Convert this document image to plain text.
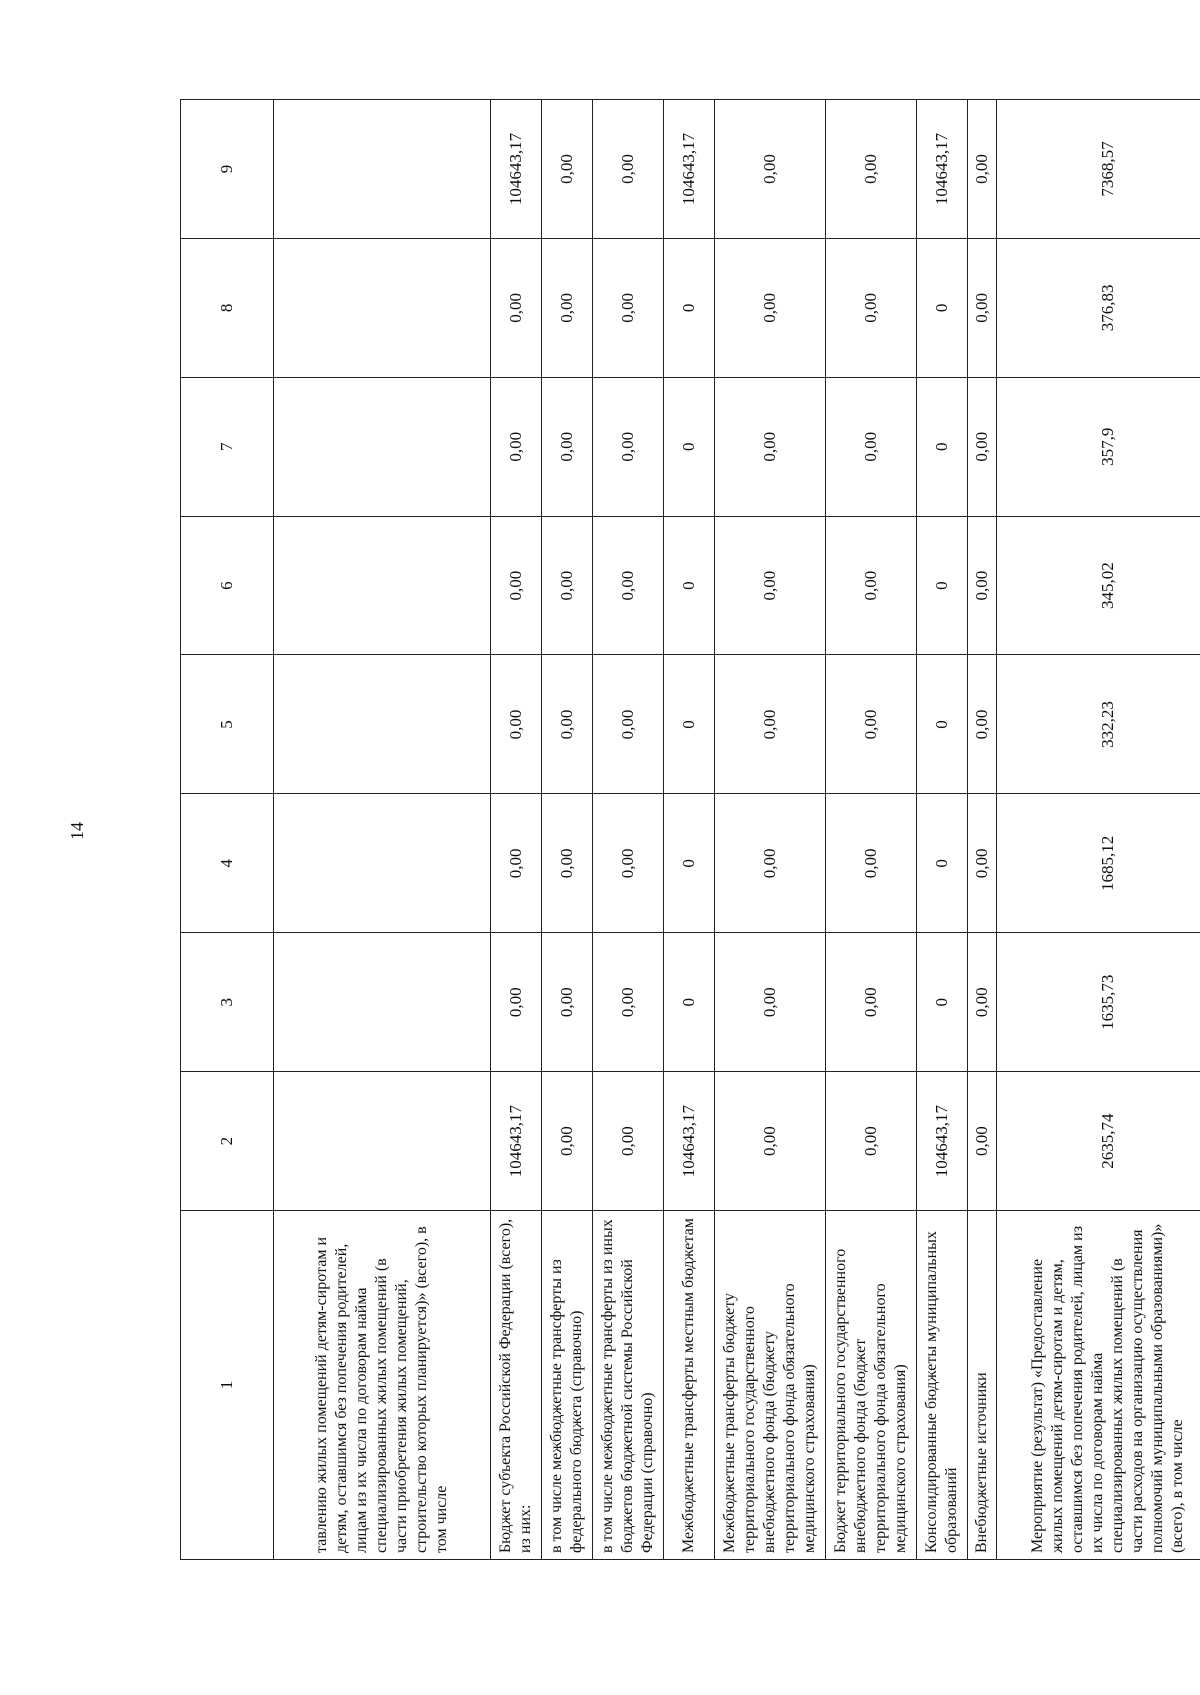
14
1	2	3	4	5	6	7	8	9
тавлению жилых помещений детям-сиротам и детям, оставшимся без попечения родителей, лицам из их числа по договорам найма специализированных жилых помещений (в части приобретения жилых помещений, строительство которых планируется)» (всего), в том числе								
Бюджет субъекта Российской Федерации (всего), из них:	104643,17	0,00	0,00	0,00	0,00	0,00	0,00	104643,17
в том числе межбюджетные трансферты из федерального бюджета (справочно)	0,00	0,00	0,00	0,00	0,00	0,00	0,00	0,00
в том числе межбюджетные трансферты из иных бюджетов бюджетной системы Российской Федерации (справочно)	0,00	0,00	0,00	0,00	0,00	0,00	0,00	0,00
Межбюджетные трансферты местным бюджетам	104643,17	0	0	0	0	0	0	104643,17
Межбюджетные трансферты бюджету территориального государственного внебюджетного фонда (бюджету территориального фонда обязательного медицинского страхования)	0,00	0,00	0,00	0,00	0,00	0,00	0,00	0,00
Бюджет территориального государственного внебюджетного фонда (бюджет территориального фонда обязательного медицинского страхования)	0,00	0,00	0,00	0,00	0,00	0,00	0,00	0,00
Консолидированные бюджеты муниципальных образований	104643,17	0	0	0	0	0	0	104643,17
Внебюджетные источники	0,00	0,00	0,00	0,00	0,00	0,00	0,00	0,00
Мероприятие (результат) «Предоставление жилых помещений детям-сиротам и детям, оставшимся без попечения родителей, лицам из их числа по договорам найма специализированных жилых помещений (в части расходов на организацию осуществления полномочий муниципальными образованиями)» (всего), в том числе	2635,74	1635,73	1685,12	332,23	345,02	357,9	376,83	7368,57
